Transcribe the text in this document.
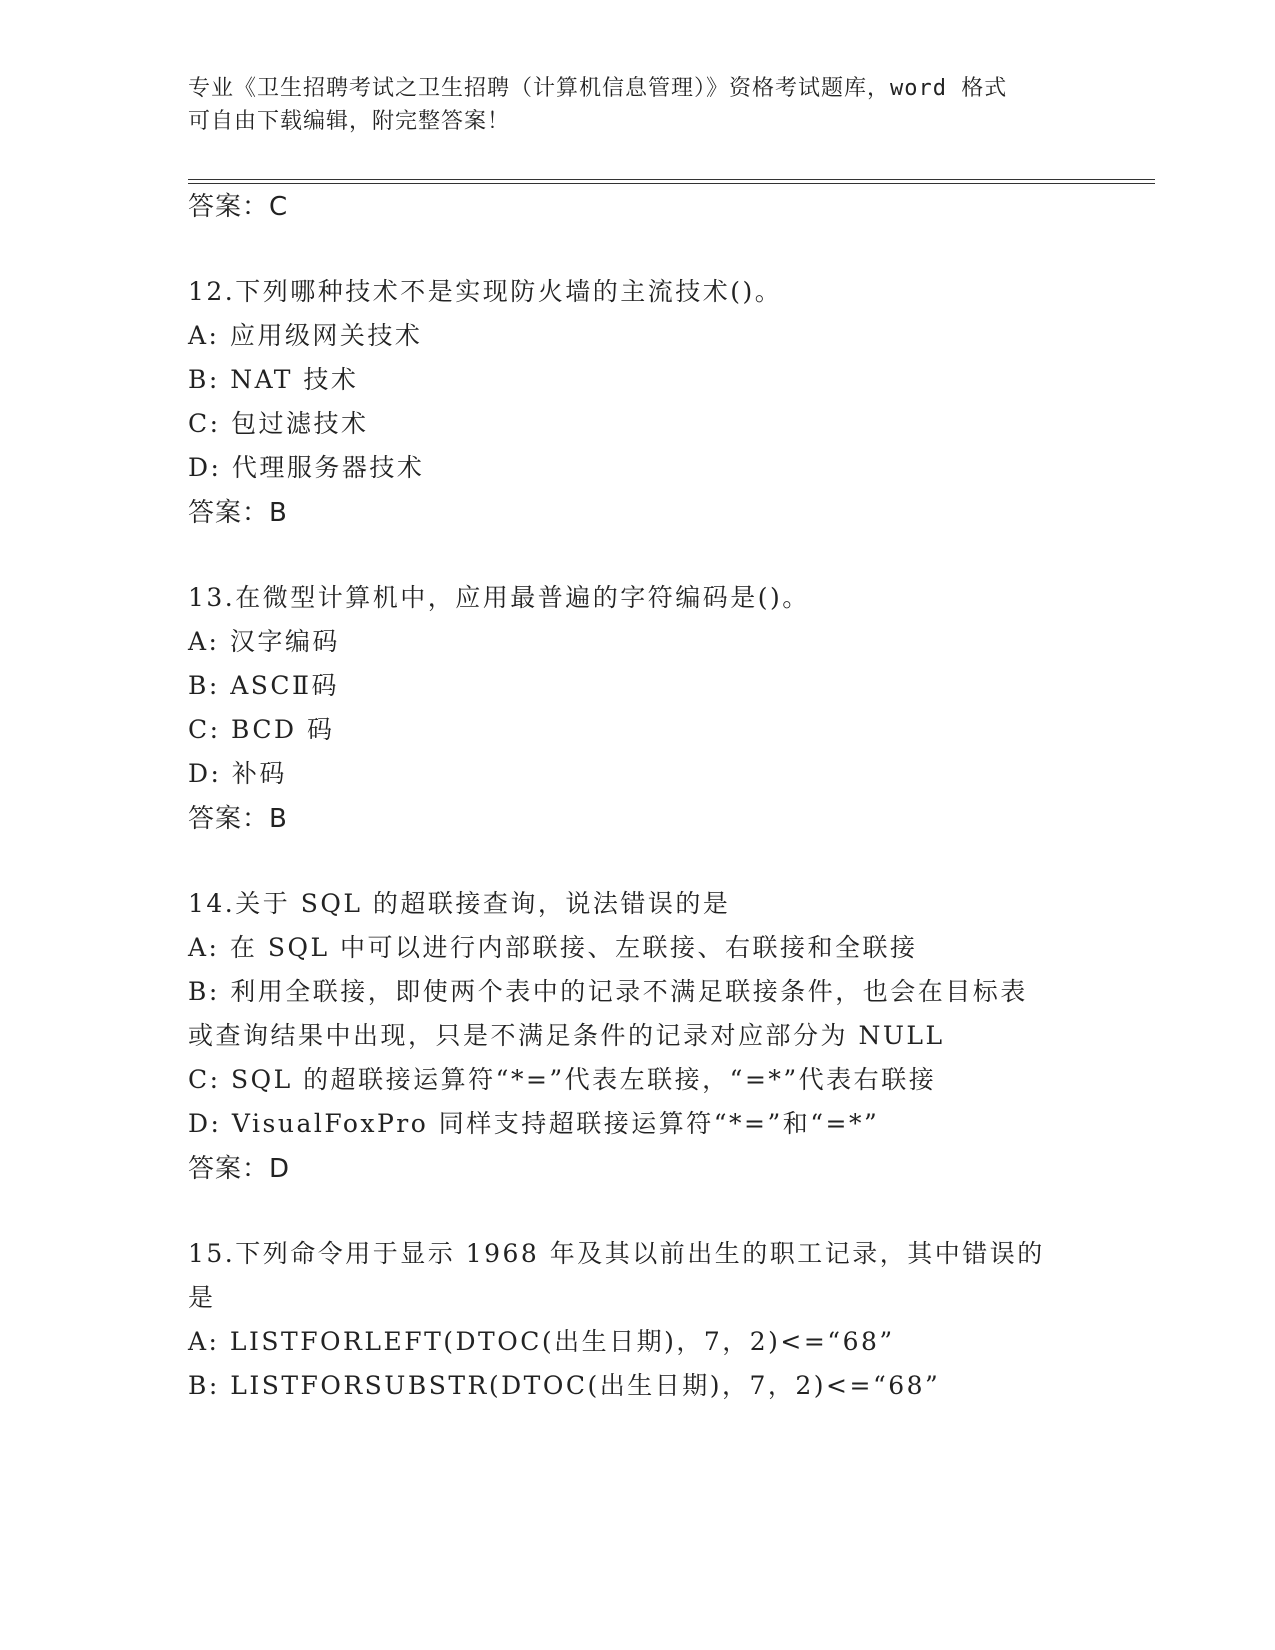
专业《卫生招聘考试之卫生招聘（计算机信息管理）》资格考试题库，word 格式
可自由下载编辑，附完整答案！
答案：C
12.下列哪种技术不是实现防火墙的主流技术()。
A: 应用级网关技术
B: NAT 技术
C: 包过滤技术
D: 代理服务器技术
答案：B
13.在微型计算机中，应用最普遍的字符编码是()。
A: 汉字编码
B: ASCⅡ码
C: BCD 码
D: 补码
答案：B
14.关于 SQL 的超联接查询，说法错误的是
A: 在 SQL 中可以进行内部联接、左联接、右联接和全联接
B: 利用全联接，即使两个表中的记录不满足联接条件，也会在目标表
或查询结果中出现，只是不满足条件的记录对应部分为 NULL
C: SQL 的超联接运算符“*=”代表左联接，“=*”代表右联接
D: VisualFoxPro 同样支持超联接运算符“*=”和“=*”
答案：D
15.下列命令用于显示 1968 年及其以前出生的职工记录，其中错误的
是
A: LISTFORLEFT(DTOC(出生日期)，7，2)<=“68”
B: LISTFORSUBSTR(DTOC(出生日期)，7，2)<=“68”
